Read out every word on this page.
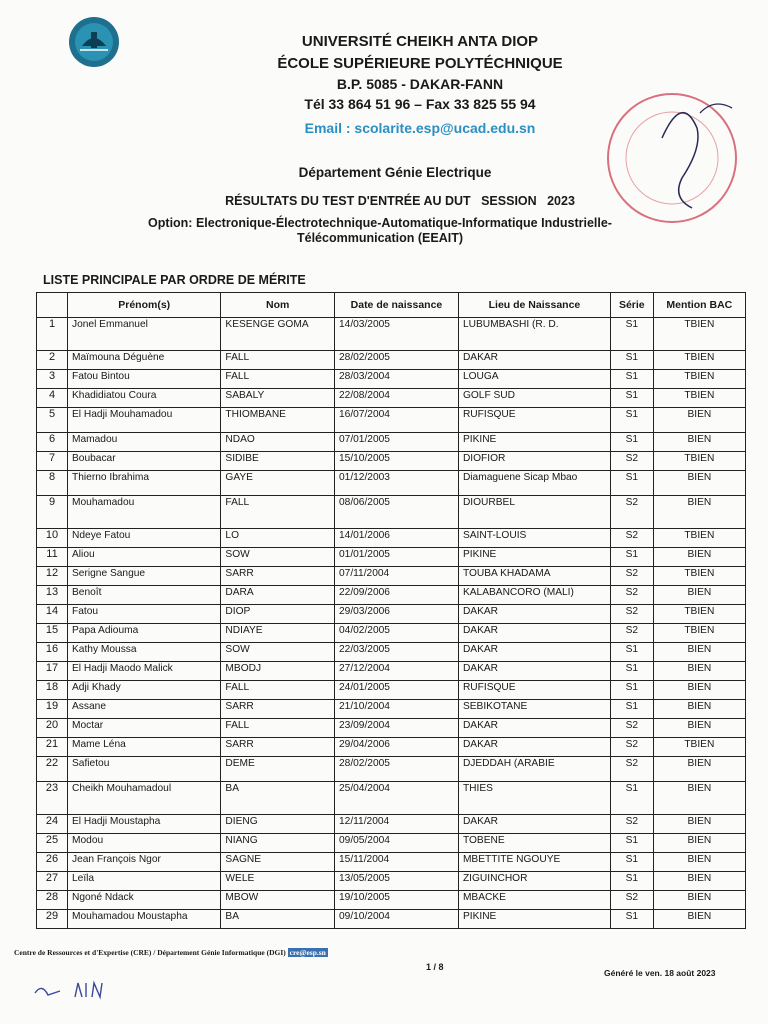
UNIVERSITÉ CHEIKH ANTA DIOP
ÉCOLE SUPÉRIEURE POLYTÉCHNIQUE
B.P. 5085 - DAKAR-FANN
Tél 33 864 51 96 – Fax 33 825 55 94
Email : scolarite.esp@ucad.edu.sn
Département Génie Electrique
RÉSULTATS DU TEST D'ENTRÉE AU DUT   SESSION   2023
Option: Electronique-Électrotechnique-Automatique-Informatique Industrielle-Télécommunication (EEAIT)
LISTE PRINCIPALE PAR ORDRE DE MÉRITE
	Prénom(s)	Nom	Date de naissance	Lieu de Naissance	Série	Mention BAC
1	Jonel Emmanuel	KESENGE GOMA	14/03/2005	LUBUMBASHI (R. D.	S1	TBIEN
2	Maïmouna Déguène	FALL	28/02/2005	DAKAR	S1	TBIEN
3	Fatou Bintou	FALL	28/03/2004	LOUGA	S1	TBIEN
4	Khadidiatou Coura	SABALY	22/08/2004	GOLF SUD	S1	TBIEN
5	El Hadji Mouhamadou	THIOMBANE	16/07/2004	RUFISQUE	S1	BIEN
6	Mamadou	NDAO	07/01/2005	PIKINE	S1	BIEN
7	Boubacar	SIDIBE	15/10/2005	DIOFIOR	S2	TBIEN
8	Thierno Ibrahima	GAYE	01/12/2003	Diamaguene Sicap Mbao	S1	BIEN
9	Mouhamadou	FALL	08/06/2005	DIOURBEL	S2	BIEN
10	Ndeye Fatou	LO	14/01/2006	SAINT-LOUIS	S2	TBIEN
11	Aliou	SOW	01/01/2005	PIKINE	S1	BIEN
12	Serigne Sangue	SARR	07/11/2004	TOUBA KHADAMA	S2	TBIEN
13	Benoît	DARA	22/09/2006	KALABANCORO (MALI)	S2	BIEN
14	Fatou	DIOP	29/03/2006	DAKAR	S2	TBIEN
15	Papa Adiouma	NDIAYE	04/02/2005	DAKAR	S2	TBIEN
16	Kathy Moussa	SOW	22/03/2005	DAKAR	S1	BIEN
17	El Hadji Maodo Malick	MBODJ	27/12/2004	DAKAR	S1	BIEN
18	Adji Khady	FALL	24/01/2005	RUFISQUE	S1	BIEN
19	Assane	SARR	21/10/2004	SEBIKOTANE	S1	BIEN
20	Moctar	FALL	23/09/2004	DAKAR	S2	BIEN
21	Mame Léna	SARR	29/04/2006	DAKAR	S2	TBIEN
22	Safietou	DEME	28/02/2005	DJEDDAH (ARABIE	S2	BIEN
23	Cheikh Mouhamadoul	BA	25/04/2004	THIES	S1	BIEN
24	El Hadji Moustapha	DIENG	12/11/2004	DAKAR	S2	BIEN
25	Modou	NIANG	09/05/2004	TOBENE	S1	BIEN
26	Jean François Ngor	SAGNE	15/11/2004	MBETTITE NGOUYE	S1	BIEN
27	Leïla	WELE	13/05/2005	ZIGUINCHOR	S1	BIEN
28	Ngoné Ndack	MBOW	19/10/2005	MBACKE	S2	BIEN
29	Mouhamadou Moustapha	BA	09/10/2004	PIKINE	S1	BIEN
Centre de Ressources et d'Expertise (CRE) / Département Génie Informatique (DGI) cre@esp.sn
1 / 8
Généré le ven. 18 août 2023
